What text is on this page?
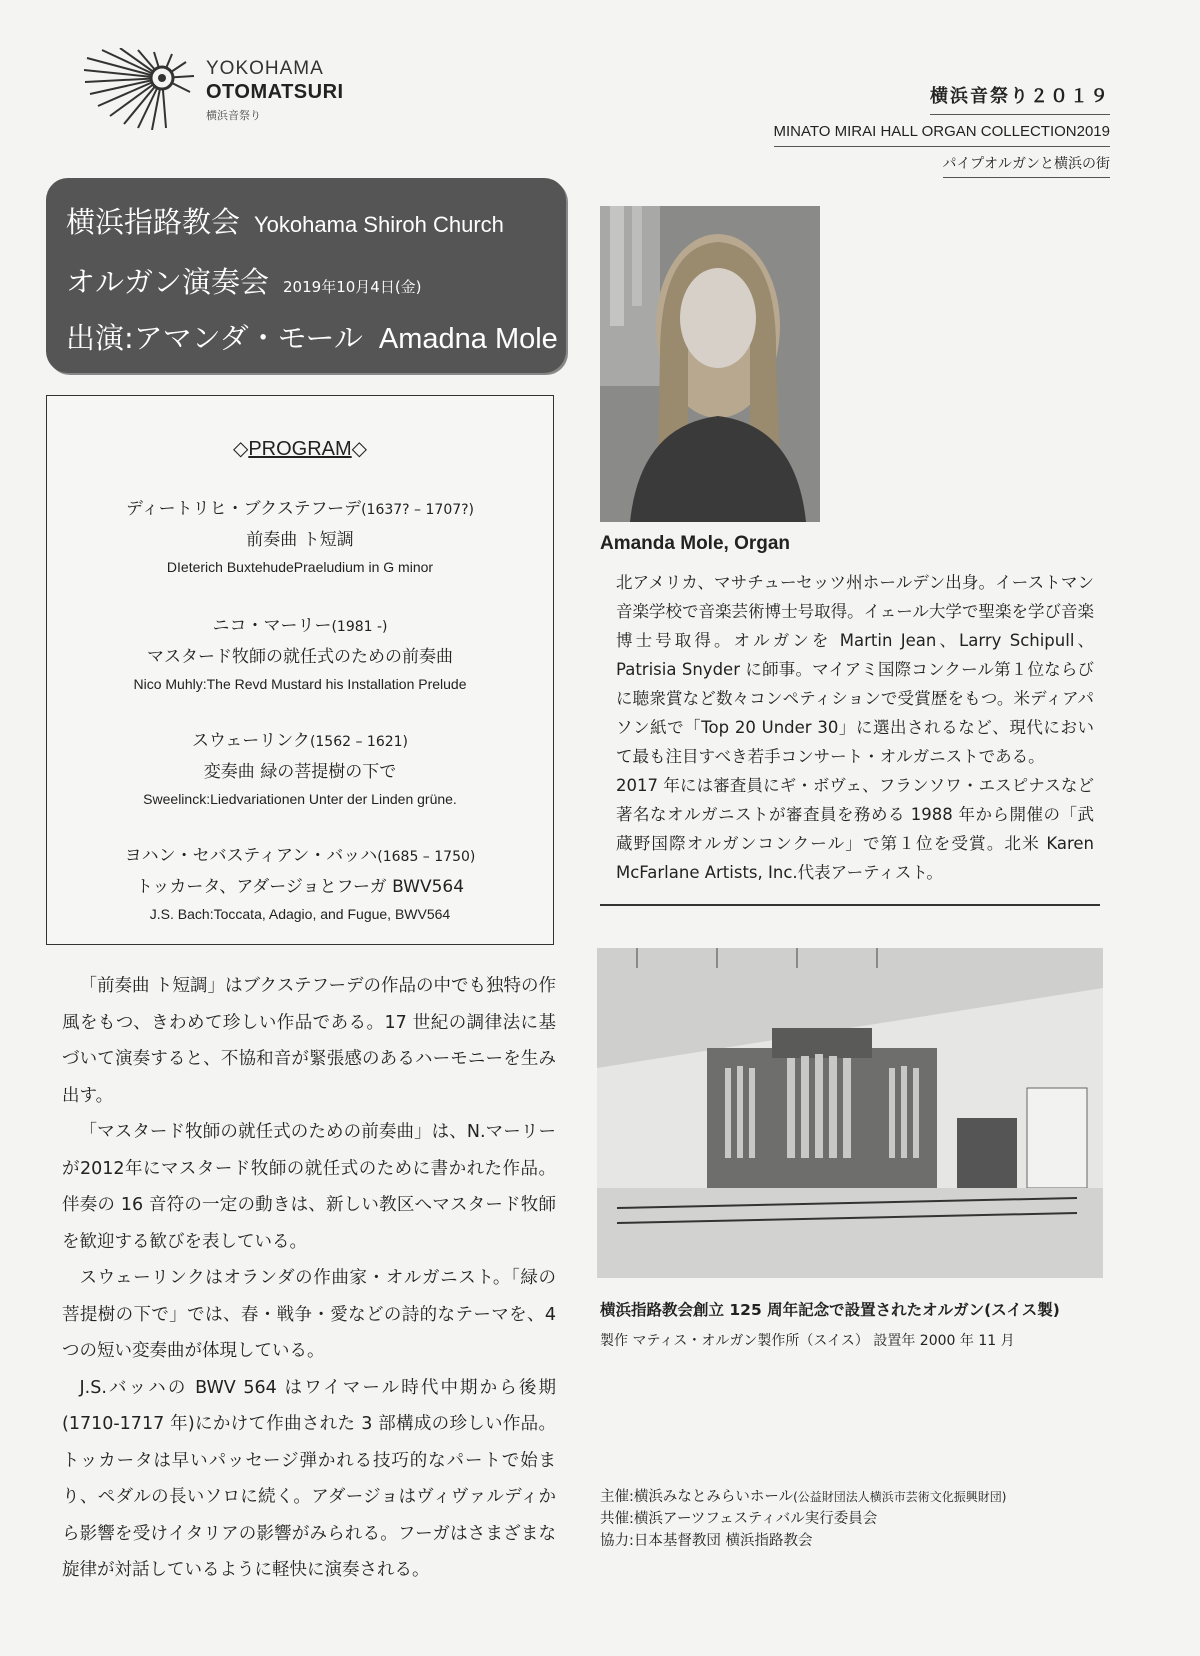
YOKOHAMA
OTOMATSURI
横浜音祭り
横浜音祭り２０１９
MINATO MIRAI HALL ORGAN COLLECTION2019
パイプオルガンと横浜の街
横浜指路教会 Yokohama Shiroh Church
オルガン演奏会 2019年10月4日(金)
出演:アマンダ・モール Amadna Mole
◇PROGRAM◇
ディートリヒ・ブクステフーデ(1637? – 1707?)
前奏曲 ト短調
DIeterich BuxtehudePraeludium in G minor
ニコ・マーリー(1981 -)
マスタード牧師の就任式のための前奏曲
Nico Muhly:The Revd Mustard his Installation Prelude
スウェーリンク(1562 – 1621)
変奏曲 緑の菩提樹の下で
Sweelinck:Liedvariationen Unter der Linden grüne.
ヨハン・セバスティアン・バッハ(1685 – 1750)
トッカータ、アダージョとフーガ BWV564
J.S. Bach:Toccata, Adagio, and Fugue, BWV564

「前奏曲 ト短調」はブクステフーデの作品の中でも独特の作風をもつ、きわめて珍しい作品である。17 世紀の調律法に基づいて演奏すると、不協和音が緊張感のあるハーモニーを生み出す。

「マスタード牧師の就任式のための前奏曲」は、N.マーリーが2012年にマスタード牧師の就任式のために書かれた作品。伴奏の 16 音符の一定の動きは、新しい教区へマスタード牧師を歓迎する歓びを表している。

スウェーリンクはオランダの作曲家・オルガニスト。「緑の菩提樹の下で」では、春・戦争・愛などの詩的なテーマを、4 つの短い変奏曲が体現している。

J.S.バッハの BWV 564 はワイマール時代中期から後期(1710-1717 年)にかけて作曲された 3 部構成の珍しい作品。トッカータは早いパッセージ弾かれる技巧的なパートで始まり、ペダルの長いソロに続く。アダージョはヴィヴァルディから影響を受けイタリアの影響がみられる。フーガはさまざまな旋律が対話しているように軽快に演奏される。

Amanda Mole, Organ

北アメリカ、マサチューセッツ州ホールデン出身。イーストマン音楽学校で音楽芸術博士号取得。イェール大学で聖楽を学び音楽博士号取得。オルガンを Martin Jean、Larry Schipull、Patrisia Snyder に師事。マイアミ国際コンクール第１位ならびに聴衆賞など数々コンペティションで受賞歴をもつ。米ディアパソン紙で「Top 20 Under 30」に選出されるなど、現代において最も注目すべき若手コンサート・オルガニストである。

2017 年には審査員にギ・ボヴェ、フランソワ・エスピナスなど著名なオルガニストが審査員を務める 1988 年から開催の「武蔵野国際オルガンコンクール」で第１位を受賞。北米 Karen McFarlane Artists, Inc.代表アーティスト。

横浜指路教会創立 125 周年記念で設置されたオルガン(スイス製)
製作 マティス・オルガン製作所（スイス） 設置年 2000 年 11 月
主催:横浜みなとみらいホール(公益財団法人横浜市芸術文化振興財団)
共催:横浜アーツフェスティバル実行委員会
協力:日本基督教団 横浜指路教会
